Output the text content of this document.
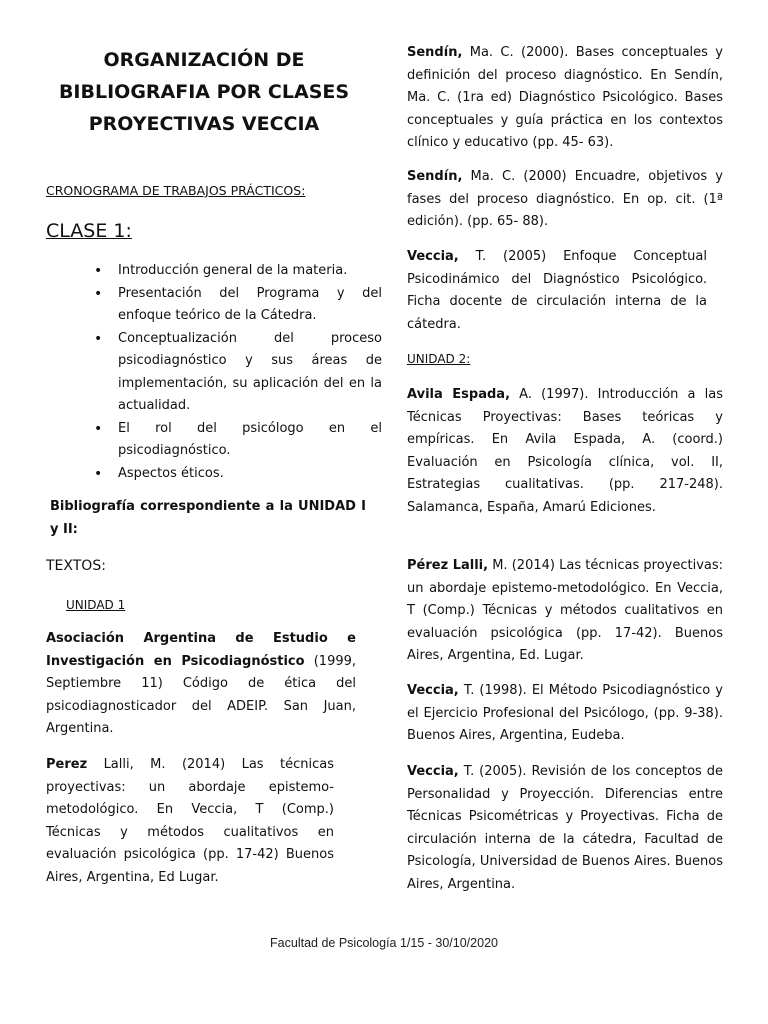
ORGANIZACIÓN DE
BIBLIOGRAFIA POR CLASES
PROYECTIVAS VECCIA
CRONOGRAMA DE TRABAJOS PRÁCTICOS:
CLASE 1:
• Introducción general de la materia.
• Presentación del Programa y del enfoque teórico de la Cátedra.
• Conceptualización del proceso psicodiagnóstico y sus áreas de implementación, su aplicación del en la actualidad.
• El rol del psicólogo en el psicodiagnóstico.
• Aspectos éticos.
Bibliografía correspondiente a la UNIDAD I y II:
TEXTOS:
UNIDAD 1
Asociación Argentina de Estudio e Investigación en Psicodiagnóstico (1999, Septiembre 11) Código de ética del psicodiagnosticador del ADEIP. San Juan, Argentina.
Perez Lalli, M. (2014) Las técnicas proyectivas: un abordaje epistemo-metodológico. En Veccia, T (Comp.) Técnicas y métodos cualitativos en evaluación psicológica (pp. 17-42) Buenos Aires, Argentina, Ed Lugar.
Sendín, Ma. C. (2000). Bases conceptuales y definición del proceso diagnóstico. En Sendín, Ma. C. (1ra ed) Diagnóstico Psicológico. Bases conceptuales y guía práctica en los contextos clínico y educativo (pp. 45- 63).
Sendín, Ma. C. (2000) Encuadre, objetivos y fases del proceso diagnóstico. En op. cit. (1ª edición). (pp. 65- 88).
Veccia, T. (2005) Enfoque Conceptual Psicodinámico del Diagnóstico Psicológico. Ficha docente de circulación interna de la cátedra.
UNIDAD 2:
Avila Espada, A. (1997). Introducción a las Técnicas Proyectivas: Bases teóricas y empíricas. En Avila Espada, A. (coord.) Evaluación en Psicología clínica, vol. II, Estrategias cualitativas. (pp. 217-248). Salamanca, España, Amarú Ediciones.
Pérez Lalli, M. (2014) Las técnicas proyectivas: un abordaje epistemo-metodológico. En Veccia, T (Comp.) Técnicas y métodos cualitativos en evaluación psicológica (pp. 17-42). Buenos Aires, Argentina, Ed. Lugar.
Veccia, T. (1998). El Método Psicodiagnóstico y el Ejercicio Profesional del Psicólogo, (pp. 9-38). Buenos Aires, Argentina, Eudeba.
Veccia, T. (2005). Revisión de los conceptos de Personalidad y Proyección. Diferencias entre Técnicas Psicométricas y Proyectivas. Ficha de circulación interna de la cátedra, Facultad de Psicología, Universidad de Buenos Aires. Buenos Aires, Argentina.
Facultad de Psicología 1/15 - 30/10/2020
